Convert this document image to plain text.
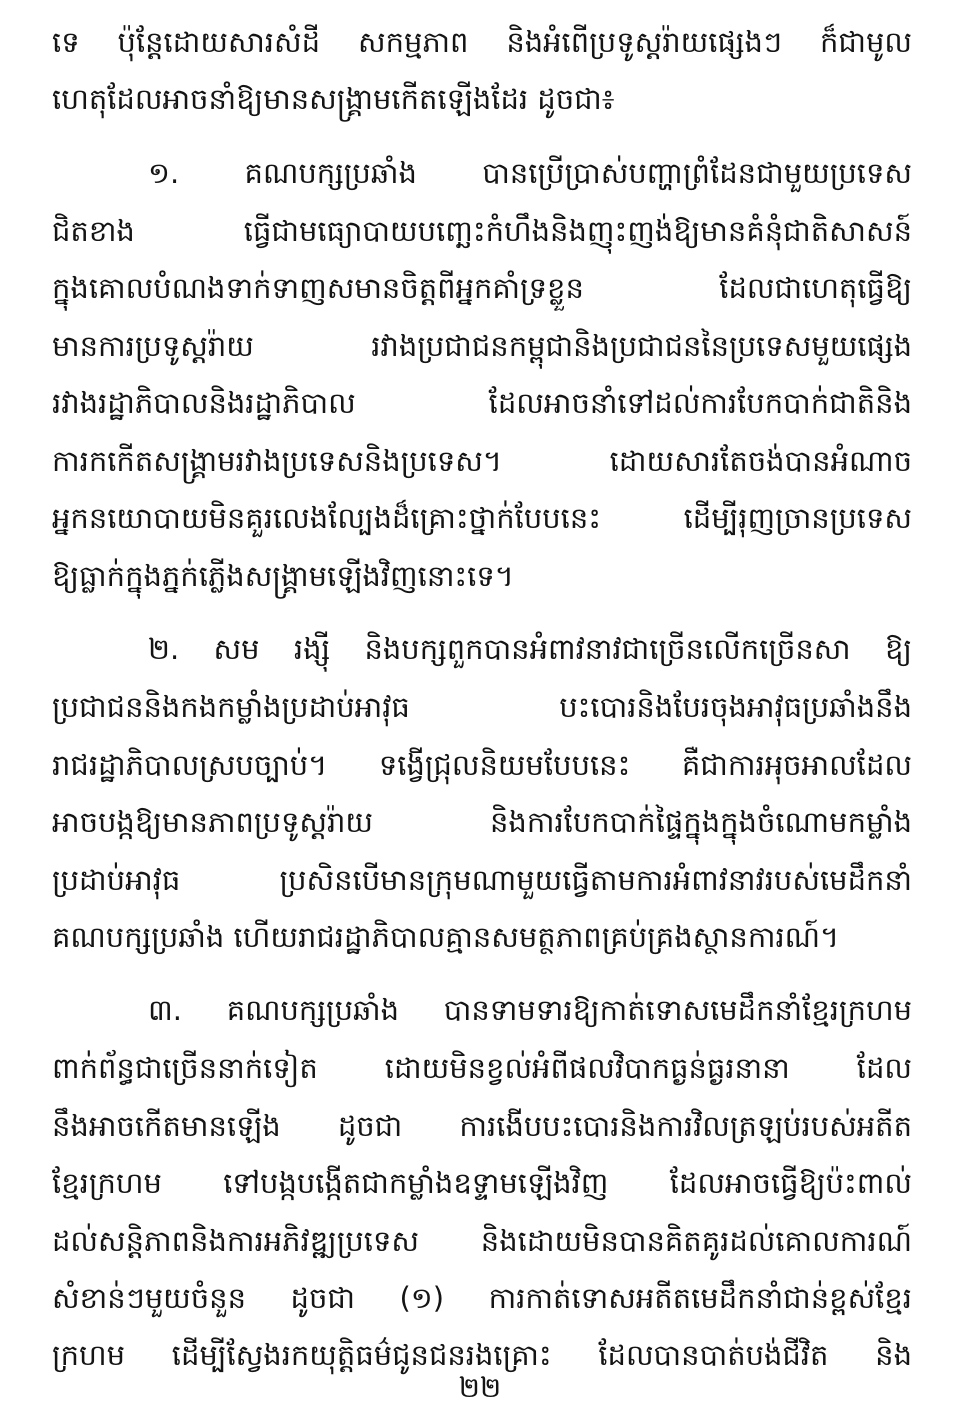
ទេ ប៉ុន្តែដោយសារសំដី សកម្មភាព និងអំពើប្រទូស្តរ៉ាយផ្សេងៗ ក៏ជាមូល
ហេតុដែលអាចនាំឱ្យមានសង្គ្រាមកើតឡើងដែរ ដូចជា៖
១. គណបក្សប្រឆាំង បានប្រើប្រាស់បញ្ហាព្រំដែនជាមួយប្រទេស
ជិតខាង ធ្វើជាមធ្យោបាយបញ្ឆេះកំហឹងនិងញុះញង់ឱ្យមានគំនុំជាតិសាសន៍
ក្នុងគោលបំណងទាក់ទាញសមានចិត្តពីអ្នកគាំទ្រខ្លួន ដែលជាហេតុធ្វើឱ្យ
មានការប្រទូស្តរ៉ាយ រវាងប្រជាជនកម្ពុជានិងប្រជាជននៃប្រទេសមួយផ្សេង
រវាងរដ្ឋាភិបាលនិងរដ្ឋាភិបាល ដែលអាចនាំទៅដល់ការបែកបាក់ជាតិនិង
ការកកើតសង្គ្រាមរវាងប្រទេសនិងប្រទេស។ ដោយសារតែចង់បានអំណាច
អ្នកនយោបាយមិនគួរលេងល្បែងដ៏គ្រោះថ្នាក់បែបនេះ ដើម្បីរុញច្រានប្រទេស
ឱ្យធ្លាក់ក្នុងភ្នក់ភ្លើងសង្គ្រាមឡើងវិញនោះទេ។
២. សម រង្ស៊ី និងបក្សពួកបានអំពាវនាវជាច្រើនលើកច្រើនសា ឱ្យ
ប្រជាជននិងកងកម្លាំងប្រដាប់អាវុធ បះបោរនិងបែរចុងអាវុធប្រឆាំងនឹង
រាជរដ្ឋាភិបាលស្របច្បាប់។ ទង្វើជ្រុលនិយមបែបនេះ គឺជាការអុចអាលដែល
អាចបង្កឱ្យមានភាពប្រទូស្តរ៉ាយ និងការបែកបាក់ផ្ទៃក្នុងក្នុងចំណោមកម្លាំង
ប្រដាប់អាវុធ ប្រសិនបើមានក្រុមណាមួយធ្វើតាមការអំពាវនាវរបស់មេដឹកនាំ
គណបក្សប្រឆាំង ហើយរាជរដ្ឋាភិបាលគ្មានសមត្ថភាពគ្រប់គ្រងស្ថានការណ៍។
៣. គណបក្សប្រឆាំង បានទាមទារឱ្យកាត់ទោសមេដឹកនាំខ្មែរក្រហម
ពាក់ព័ន្ធជាច្រើននាក់ទៀត ដោយមិនខ្វល់អំពីផលវិបាកធ្ងន់ធ្ងរនានា ដែល
នឹងអាចកើតមានឡើង ដូចជា ការងើបបះបោរនិងការវិលត្រឡប់របស់អតីត
ខ្មែរក្រហម ទៅបង្កបង្កើតជាកម្លាំងឧទ្ទាមឡើងវិញ ដែលអាចធ្វើឱ្យប៉ះពាល់
ដល់សន្តិភាពនិងការអភិវឌ្ឍប្រទេស និងដោយមិនបានគិតគូរដល់គោលការណ៍
សំខាន់ៗមួយចំនួន ដូចជា (១) ការកាត់ទោសអតីតមេដឹកនាំជាន់ខ្ពស់ខ្មែរ
ក្រហម ដើម្បីស្វែងរកយុត្តិធម៌ជូនជនរងគ្រោះ ដែលបានបាត់បង់ជីវិត និង
២២
